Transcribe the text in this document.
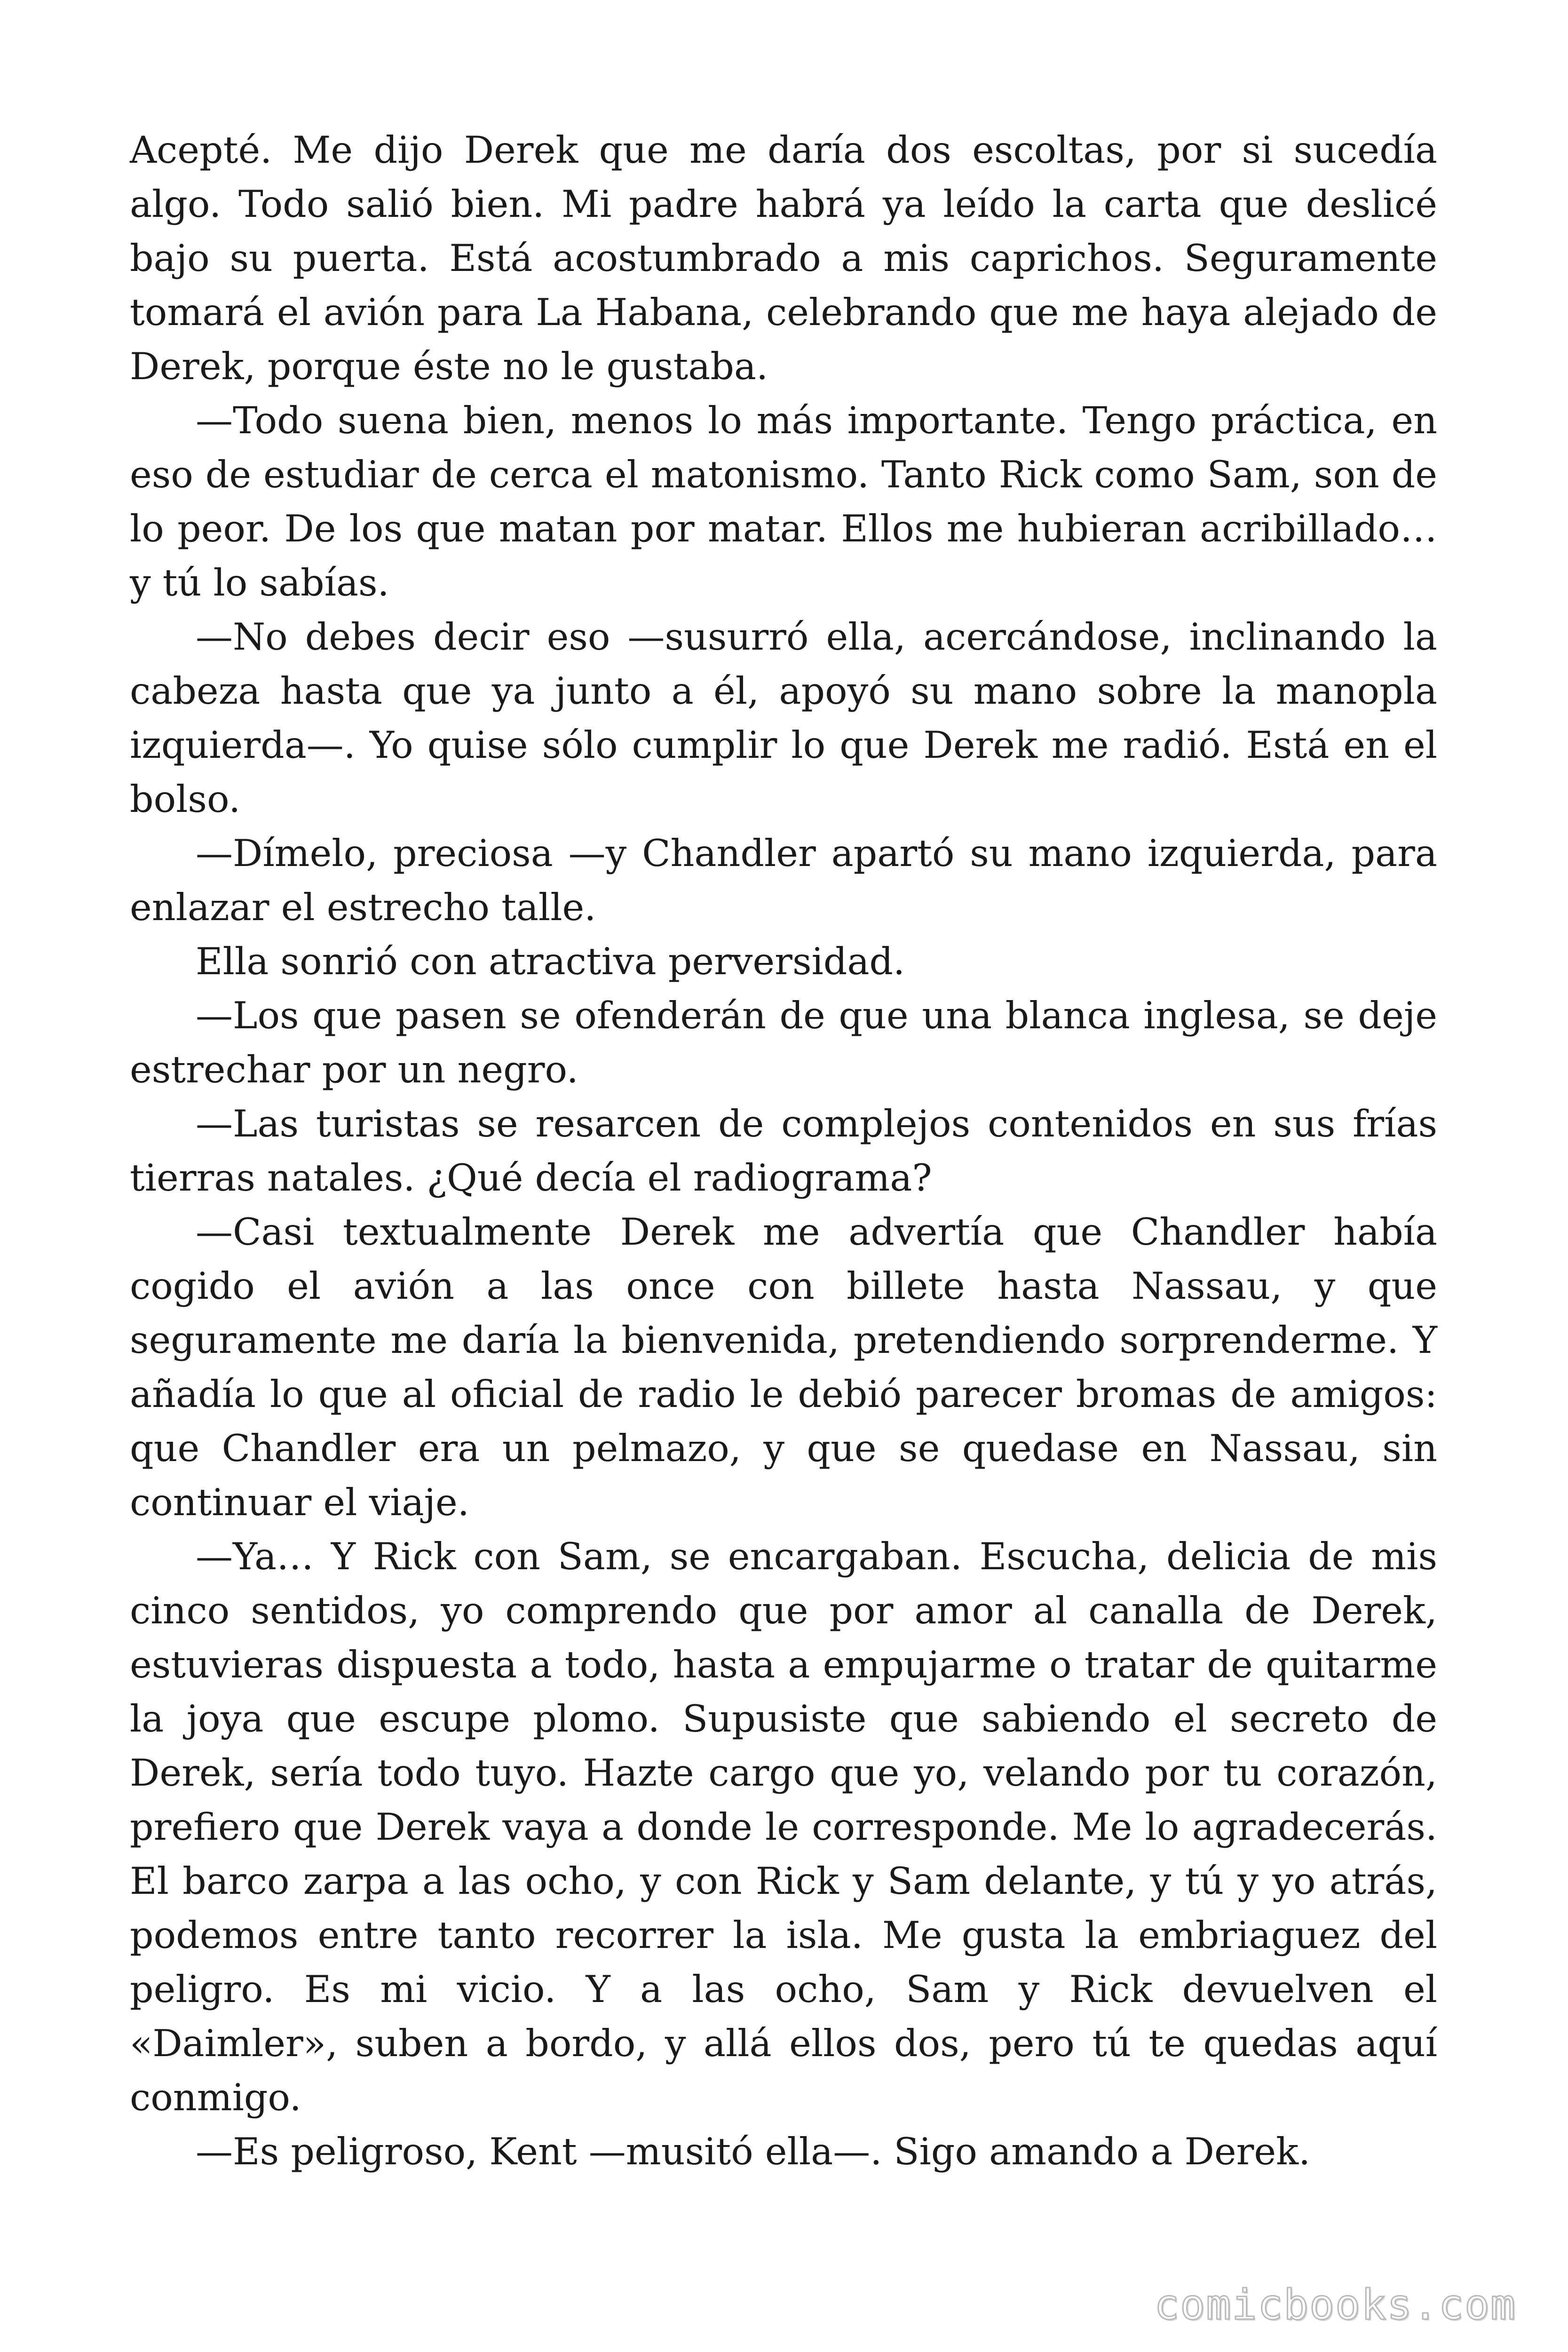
Acepté. Me dijo Derek que me daría dos escoltas, por si sucedía algo. Todo salió bien. Mi padre habrá ya leído la carta que deslicé bajo su puerta. Está acostumbrado a mis caprichos. Seguramente tomará el avión para La Habana, celebrando que me haya alejado de Derek, porque éste no le gustaba.

—Todo suena bien, menos lo más importante. Tengo práctica, en eso de estudiar de cerca el matonismo. Tanto Rick como Sam, son de lo peor. De los que matan por matar. Ellos me hubieran acribillado… y tú lo sabías.

—No debes decir eso —susurró ella, acercándose, inclinando la cabeza hasta que ya junto a él, apoyó su mano sobre la manopla izquierda—. Yo quise sólo cumplir lo que Derek me radió. Está en el bolso.

—Dímelo, preciosa —y Chandler apartó su mano izquierda, para enlazar el estrecho talle.

Ella sonrió con atractiva perversidad.

—Los que pasen se ofenderán de que una blanca inglesa, se deje estrechar por un negro.

—Las turistas se resarcen de complejos contenidos en sus frías tierras natales. ¿Qué decía el radiograma?

—Casi textualmente Derek me advertía que Chandler había cogido el avión a las once con billete hasta Nassau, y que seguramente me daría la bienvenida, pretendiendo sorprenderme. Y añadía lo que al oficial de radio le debió parecer bromas de amigos: que Chandler era un pelmazo, y que se quedase en Nassau, sin continuar el viaje.

—Ya… Y Rick con Sam, se encargaban. Escucha, delicia de mis cinco sentidos, yo comprendo que por amor al canalla de Derek, estuvieras dispuesta a todo, hasta a empujarme o tratar de quitarme la joya que escupe plomo. Supusiste que sabiendo el secreto de Derek, sería todo tuyo. Hazte cargo que yo, velando por tu corazón, prefiero que Derek vaya a donde le corresponde. Me lo agradecerás. El barco zarpa a las ocho, y con Rick y Sam delante, y tú y yo atrás, podemos entre tanto recorrer la isla. Me gusta la embriaguez del peligro. Es mi vicio. Y a las ocho, Sam y Rick devuelven el «Daimler», suben a bordo, y allá ellos dos, pero tú te quedas aquí conmigo.

—Es peligroso, Kent —musitó ella—. Sigo amando a Derek.

comicbooks.com
